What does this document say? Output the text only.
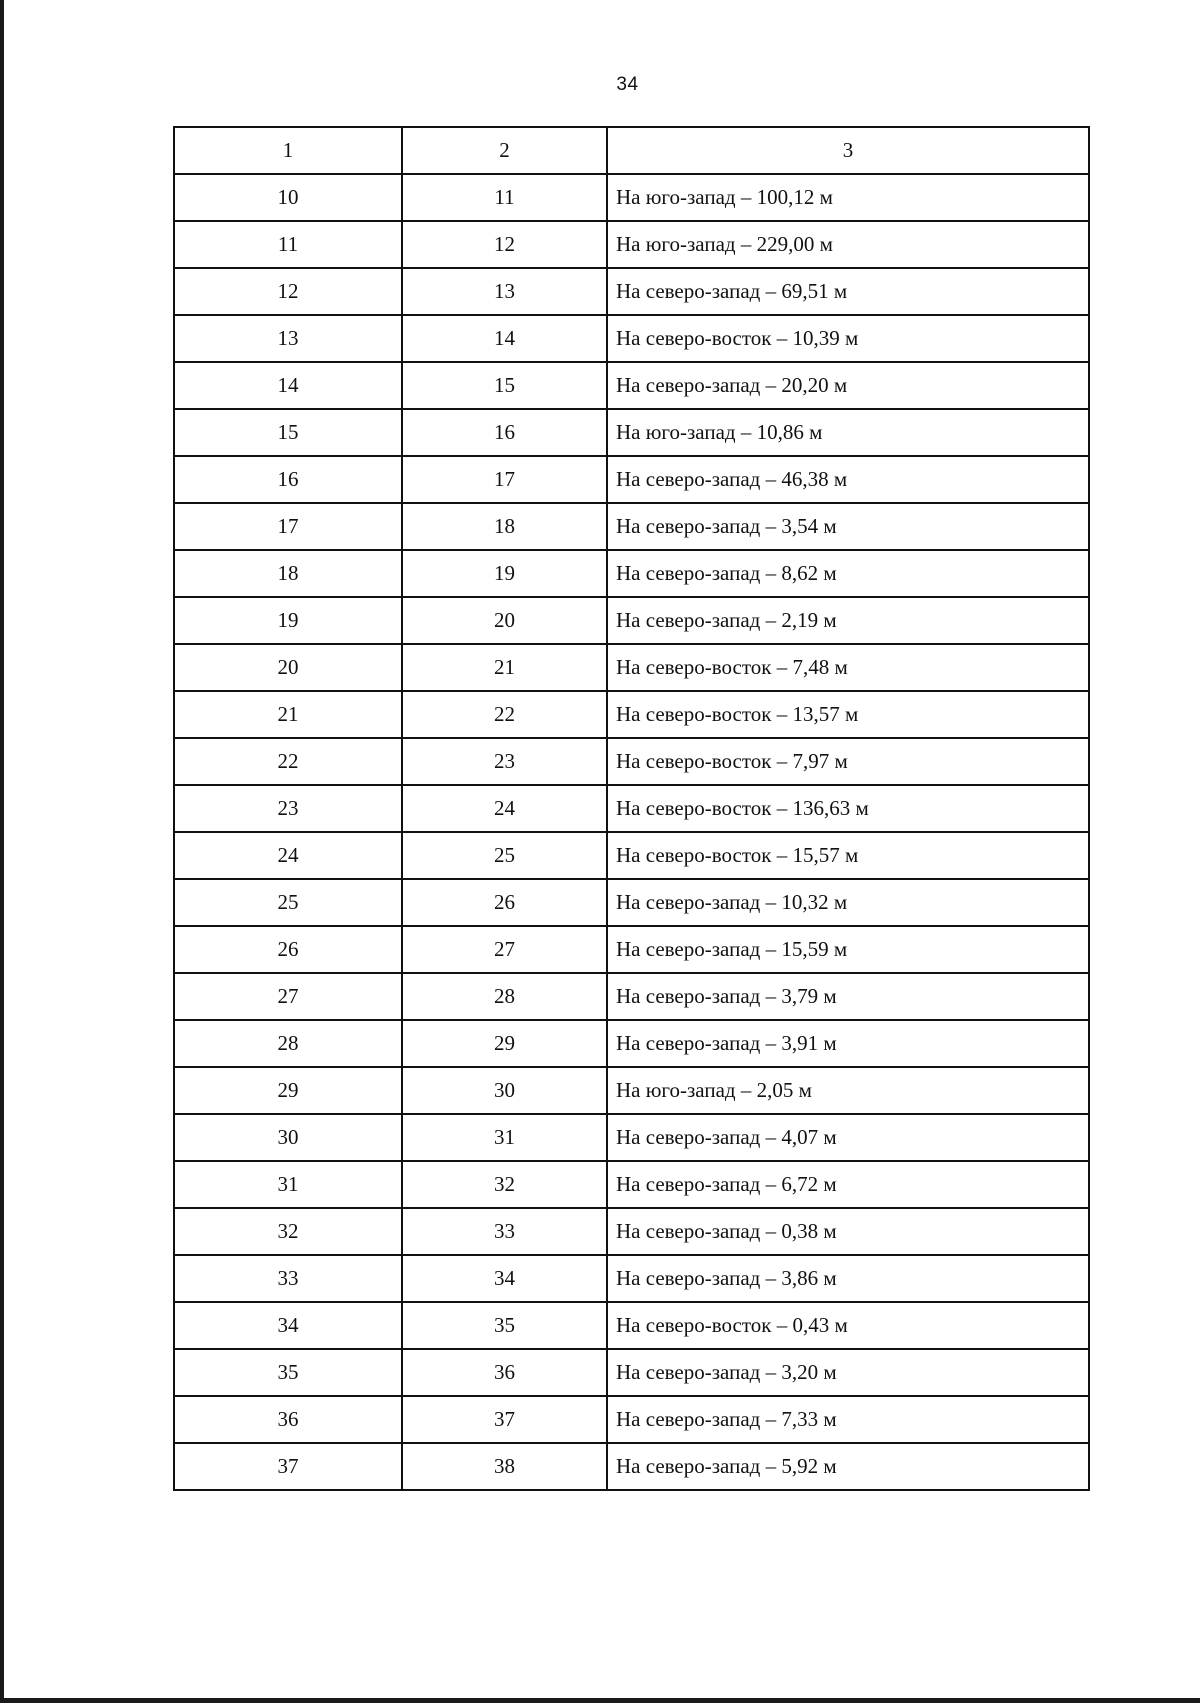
34
1	2	3
10	11	На юго-запад – 100,12 м
11	12	На юго-запад – 229,00 м
12	13	На северо-запад – 69,51 м
13	14	На северо-восток – 10,39 м
14	15	На северо-запад – 20,20 м
15	16	На юго-запад – 10,86 м
16	17	На северо-запад – 46,38 м
17	18	На северо-запад – 3,54 м
18	19	На северо-запад – 8,62 м
19	20	На северо-запад – 2,19 м
20	21	На северо-восток – 7,48 м
21	22	На северо-восток – 13,57 м
22	23	На северо-восток – 7,97 м
23	24	На северо-восток – 136,63 м
24	25	На северо-восток – 15,57 м
25	26	На северо-запад – 10,32 м
26	27	На северо-запад – 15,59 м
27	28	На северо-запад – 3,79 м
28	29	На северо-запад – 3,91 м
29	30	На юго-запад – 2,05 м
30	31	На северо-запад – 4,07 м
31	32	На северо-запад – 6,72 м
32	33	На северо-запад – 0,38 м
33	34	На северо-запад – 3,86 м
34	35	На северо-восток – 0,43 м
35	36	На северо-запад – 3,20 м
36	37	На северо-запад – 7,33 м
37	38	На северо-запад – 5,92 м
